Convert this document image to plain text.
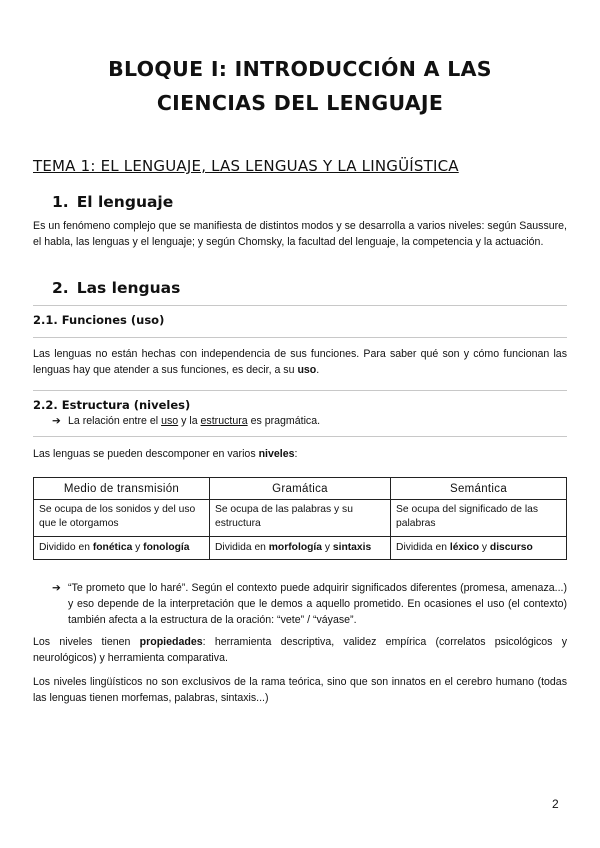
BLOQUE I: INTRODUCCIÓN A LAS
CIENCIAS DEL LENGUAJE
TEMA 1: EL LENGUAJE, LAS LENGUAS Y LA LINGÜÍSTICA
1. El lenguaje
Es un fenómeno complejo que se manifiesta de distintos modos y se desarrolla a varios niveles: según Saussure, el habla, las lenguas y el lenguaje; y según Chomsky, la facultad del lenguaje, la competencia y la actuación.
2. Las lenguas
2.1. Funciones (uso)
Las lenguas no están hechas con independencia de sus funciones. Para saber qué son y cómo funcionan las lenguas hay que atender a sus funciones, es decir, a su uso.
2.2. Estructura (niveles)
➔ La relación entre el uso y la estructura es pragmática.
Las lenguas se pueden descomponer en varios niveles:
Medio de transmisión	Gramática	Semántica
Se ocupa de los sonidos y del uso que le otorgamos	Se ocupa de las palabras y su estructura	Se ocupa del significado de las palabras
Dividido en fonética y fonología	Dividida en morfología y sintaxis	Dividida en léxico y discurso
➔ “Te prometo que lo haré”. Según el contexto puede adquirir significados diferentes (promesa, amenaza...) y eso depende de la interpretación que le demos a aquello prometido. En ocasiones el uso (el contexto) también afecta a la estructura de la oración: “vete” / “váyase”.
Los niveles tienen propiedades: herramienta descriptiva, validez empírica (correlatos psicológicos y neurológicos) y herramienta comparativa.
Los niveles lingüísticos no son exclusivos de la rama teórica, sino que son innatos en el cerebro humano (todas las lenguas tienen morfemas, palabras, sintaxis...)
2
